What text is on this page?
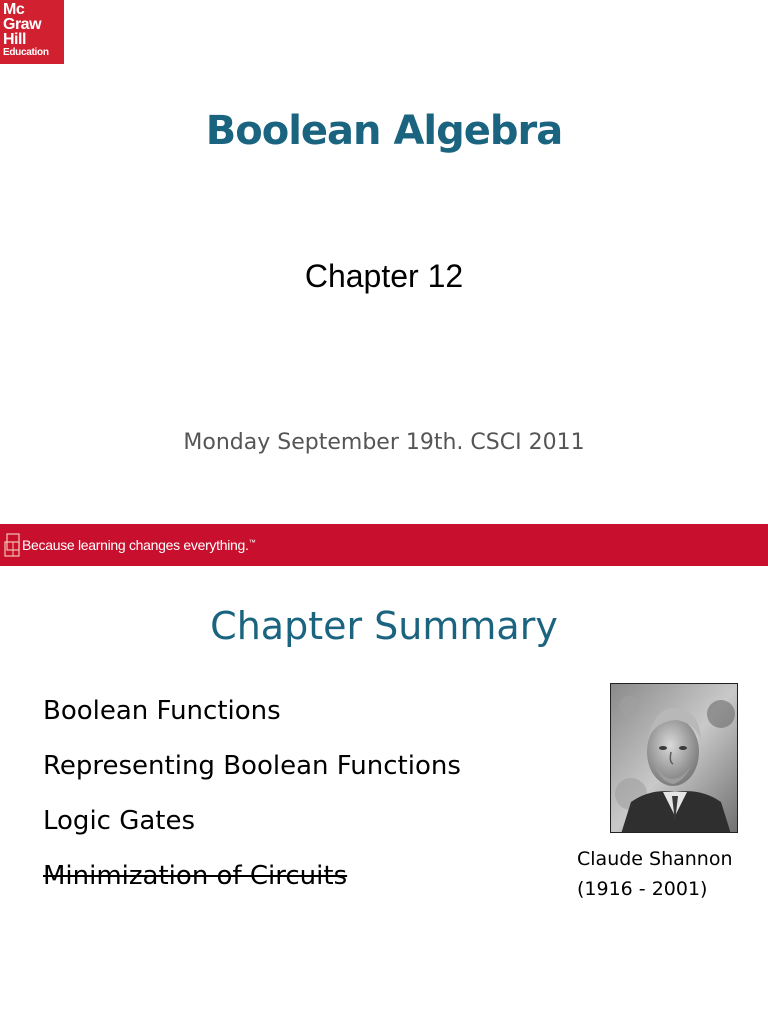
Mc
Graw
Hill
Education
Boolean Algebra
Chapter 12
Monday September 19th. CSCI 2011
Because learning changes everything.™
Chapter Summary
Boolean Functions
Representing Boolean Functions
Logic Gates
Minimization of Circuits
Claude Shannon
(1916 - 2001)
